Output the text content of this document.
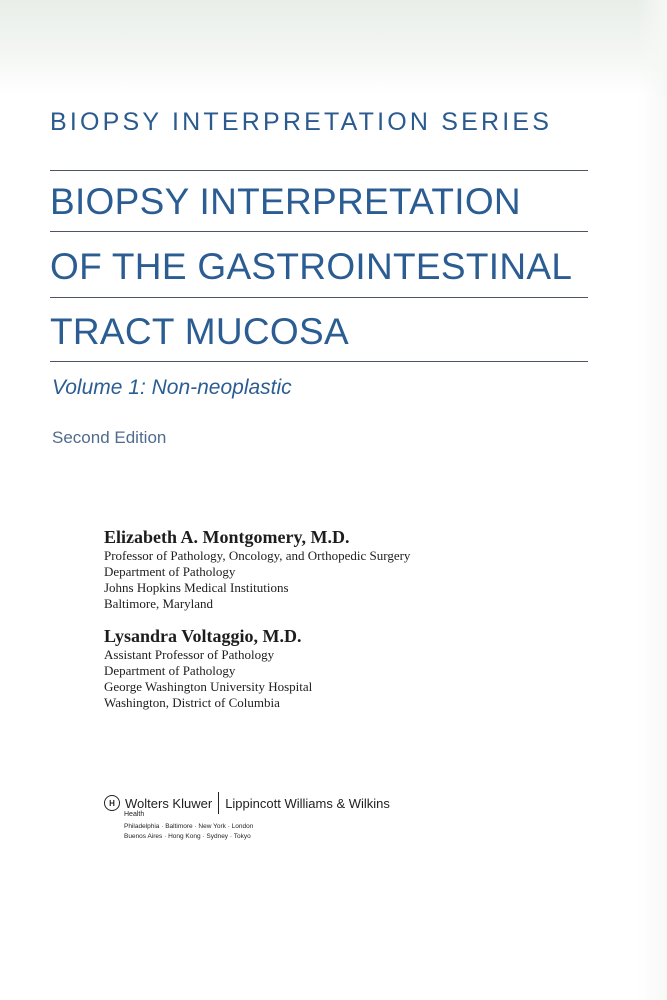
BIOPSY INTERPRETATION SERIES
BIOPSY INTERPRETATION
OF THE GASTROINTESTINAL
TRACT MUCOSA
Volume 1: Non-neoplastic
Second Edition
Elizabeth A. Montgomery, M.D.
Professor of Pathology, Oncology, and Orthopedic Surgery
Department of Pathology
Johns Hopkins Medical Institutions
Baltimore, Maryland
Lysandra Voltaggio, M.D.
Assistant Professor of Pathology
Department of Pathology
George Washington University Hospital
Washington, District of Columbia
H Wolters Kluwer Lippincott Williams & Wilkins
Health
Philadelphia · Baltimore · New York · London
Buenos Aires · Hong Kong · Sydney · Tokyo
